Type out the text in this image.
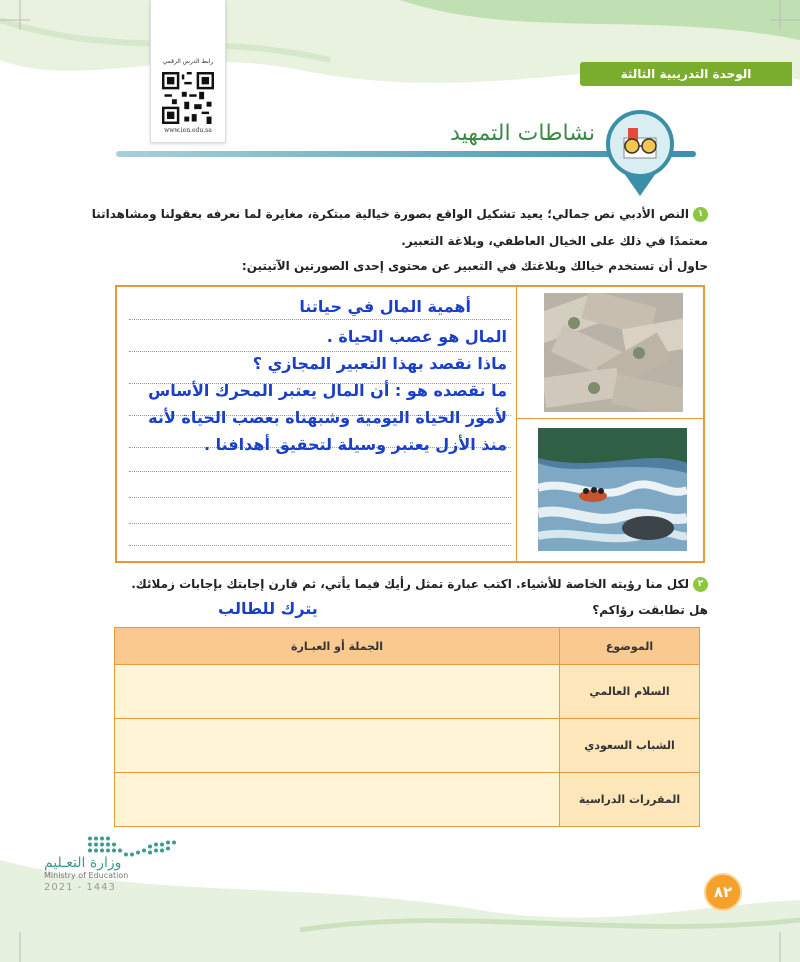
رابط الدرس الرقمي
www.ien.edu.sa
الوحدة التدريبية الثالثة
نشاطات التمهيد
١النص الأدبي نص جمالي؛ يعيد تشكيل الواقع بصورة خيالية مبتكرة، مغايرة لما نعرفه بعقولنا ومشاهداتنا
معتمدًا في ذلك على الخيال العاطفي، وبلاغة التعبير.
حاول أن تستخدم خيالك وبلاغتك في التعبير عن محتوى إحدى الصورتين الآتيتين:
أهمية المال في حياتنا
المال هو عصب الحياة .
ماذا نقصد بهذا التعبير المجازي ؟
ما نقصده هو : أن المال يعتبر المحرك الأساس
لأمور الحياة اليومية وشبهناه بعصب الحياة لأنه
منذ الأزل يعتبر وسيلة لتحقيق أهدافنا .
٢لكل منا رؤيته الخاصة للأشياء. اكتب عبارة تمثل رأيك فيما يأتي، ثم قارن إجابتك بإجابات زملائك.
هل تطابقت رؤاكم؟
يترك للطالب
الجملة أو العبـارة	الموضوع
	السلام العالمي
	الشباب السعودي
	المقررات الدراسية
وزارة التعـليم
Ministry of Education
2021 - 1443	٨٢
